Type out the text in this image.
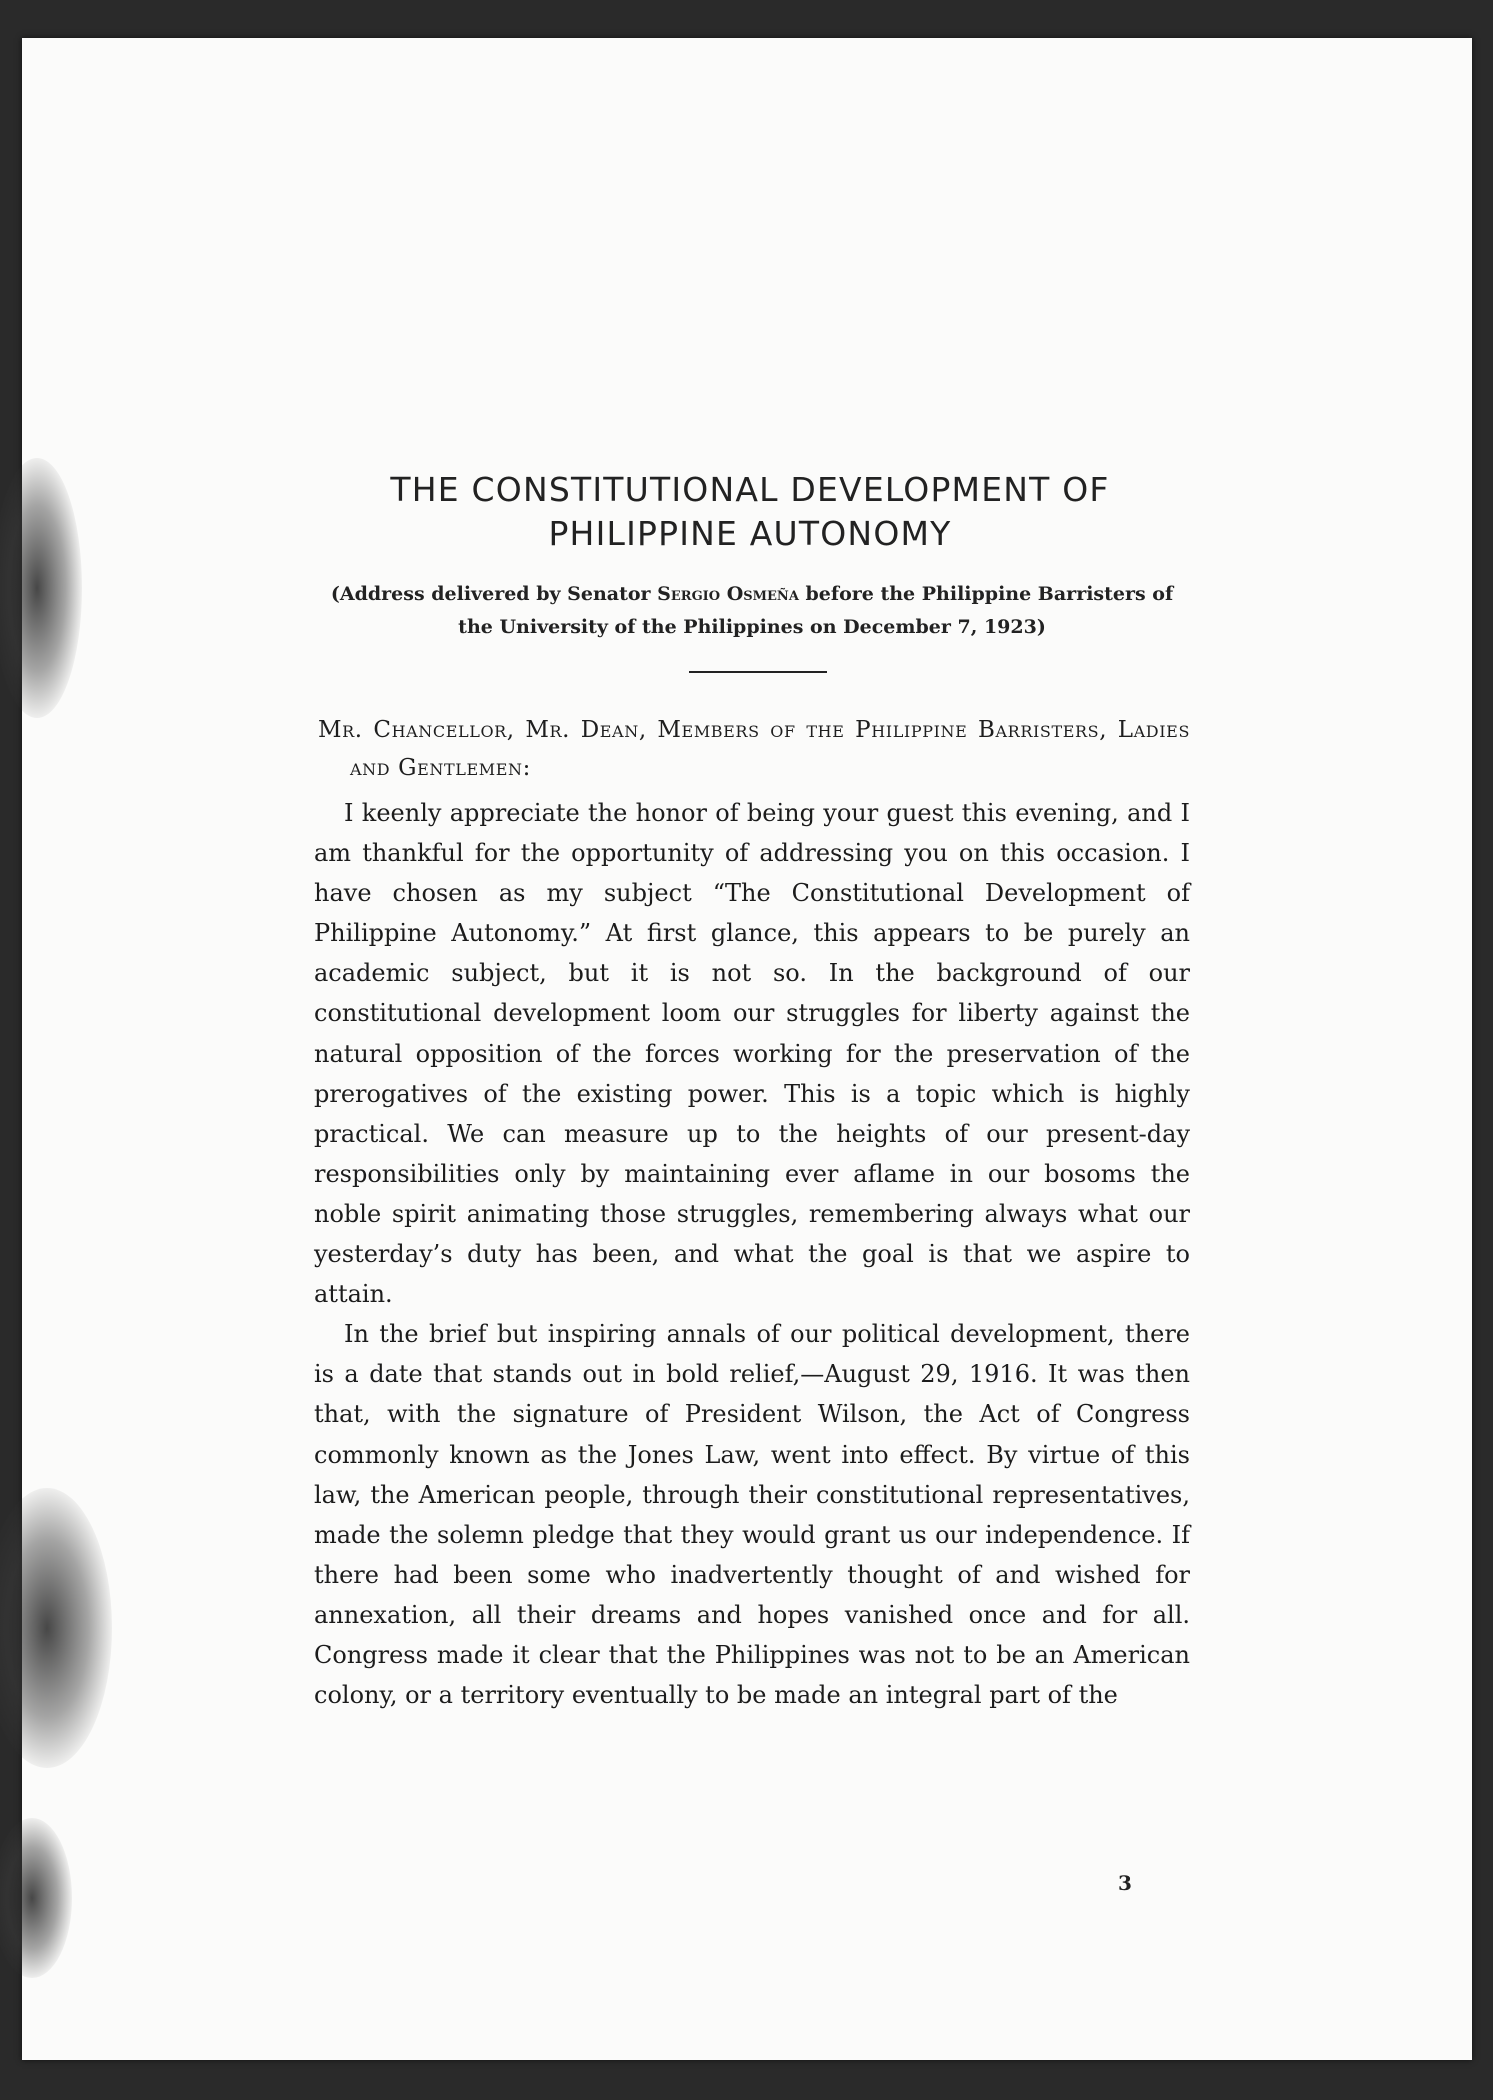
THE CONSTITUTIONAL DEVELOPMENT OF
PHILIPPINE AUTONOMY
(Address delivered by Senator Sergio Osmeña before the Philippine Barristers of the University of the Philippines on December 7, 1923)

Mr. Chancellor, Mr. Dean, Members of the Philippine Barristers, Ladies and Gentlemen:

I keenly appreciate the honor of being your guest this evening, and I am thankful for the opportunity of addressing you on this occasion. I have chosen as my subject “The Constitutional Development of Philippine Autonomy.” At first glance, this appears to be purely an academic subject, but it is not so. In the background of our constitutional development loom our struggles for liberty against the natural opposition of the forces working for the preservation of the prerogatives of the existing power. This is a topic which is highly practical. We can measure up to the heights of our present-day responsibilities only by maintaining ever aflame in our bosoms the noble spirit animating those struggles, remembering always what our yesterday’s duty has been, and what the goal is that we aspire to attain.

In the brief but inspiring annals of our political development, there is a date that stands out in bold relief,—August 29, 1916. It was then that, with the signature of President Wilson, the Act of Congress commonly known as the Jones Law, went into effect. By virtue of this law, the American people, through their constitutional representatives, made the solemn pledge that they would grant us our independence. If there had been some who inadvertently thought of and wished for annexation, all their dreams and hopes vanished once and for all. Congress made it clear that the Philippines was not to be an American colony, or a territory eventually to be made an integral part of the

3
